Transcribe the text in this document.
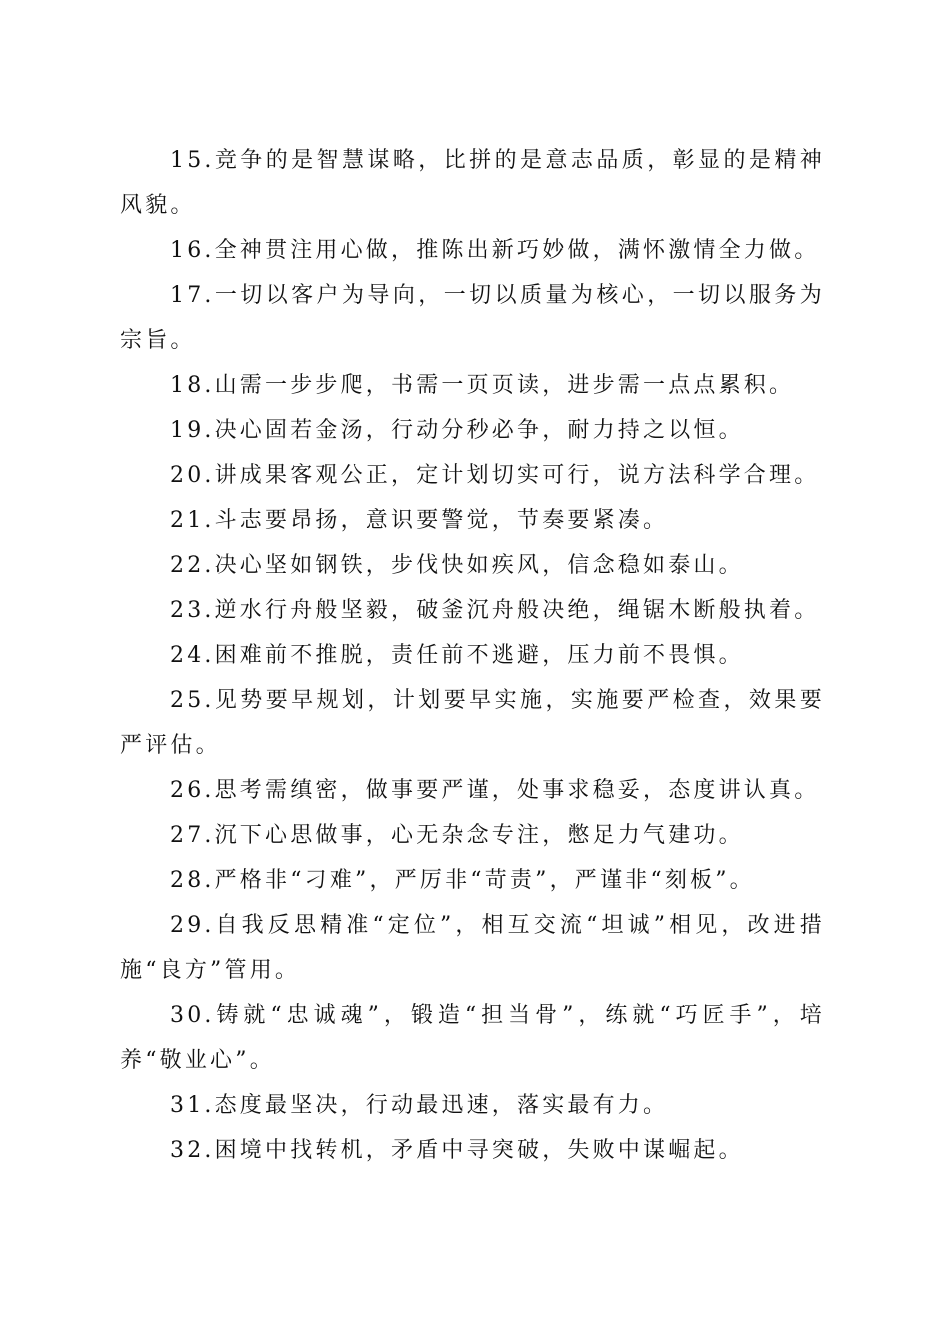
15.竞争的是智慧谋略，比拼的是意志品质，彰显的是精神风貌。

16.全神贯注用心做，推陈出新巧妙做，满怀激情全力做。

17.一切以客户为导向，一切以质量为核心，一切以服务为宗旨。

18.山需一步步爬，书需一页页读，进步需一点点累积。

19.决心固若金汤，行动分秒必争，耐力持之以恒。

20.讲成果客观公正，定计划切实可行，说方法科学合理。

21.斗志要昂扬，意识要警觉，节奏要紧凑。

22.决心坚如钢铁，步伐快如疾风，信念稳如泰山。

23.逆水行舟般坚毅，破釜沉舟般决绝，绳锯木断般执着。

24.困难前不推脱，责任前不逃避，压力前不畏惧。

25.见势要早规划，计划要早实施，实施要严检查，效果要严评估。

26.思考需缜密，做事要严谨，处事求稳妥，态度讲认真。

27.沉下心思做事，心无杂念专注，憋足力气建功。

28.严格非“刁难”，严厉非“苛责”，严谨非“刻板”。

29.自我反思精准“定位”，相互交流“坦诚”相见，改进措施“良方”管用。

30.铸就“忠诚魂”，锻造“担当骨”，练就“巧匠手”，培养“敬业心”。

31.态度最坚决，行动最迅速，落实最有力。

32.困境中找转机，矛盾中寻突破，失败中谋崛起。
